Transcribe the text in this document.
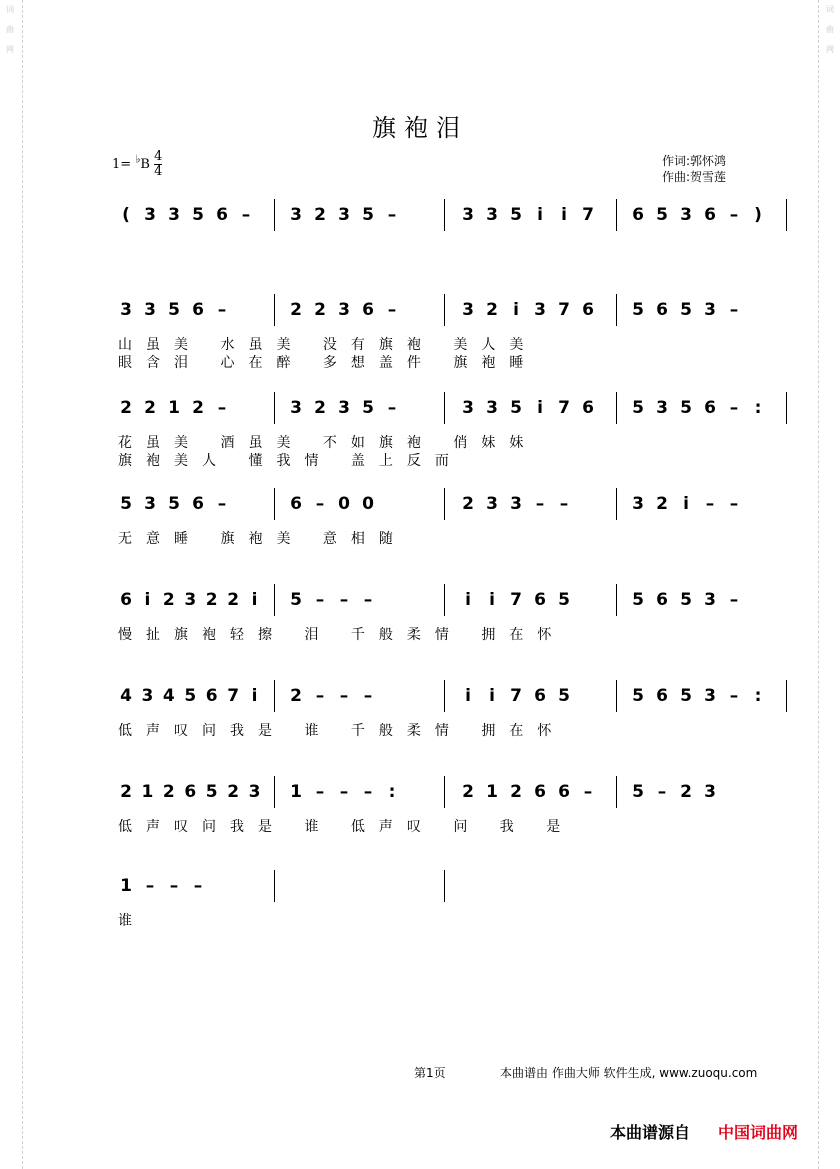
词
曲
网
词
曲
网
旗袍泪
$1= ^♭B \frac{4}{4}$	作词:郭怀鸿
作曲:贺雪莲
( 3 3 5 6 – 3 2 3 5 –	3 3 5 i i 7 6 5 3 6 – )
3 3 5 6 –	2 2 3 6 –	3 2 i 3 7 6 5 6 5 3 –
山虽美 水虽美 没有旗袍 美人美
眼含泪 心在醉 多想盖件 旗袍睡
2 2 1 2 –	3 2 3 5 –	3 3 5 i 7 6 5 3 5 6 – :
花虽美 酒虽美 不如旗袍 俏妹妹
旗袍美人 懂我情 盖上反而
5 3 5 6 –	6 – 0 0	2 3 3 – –	3 2 i – –
无意睡 旗袍美 意相随
6 i 2 3 2 2 i 5 – – –	i i 7 6 5	5 6 5 3 –
慢扯旗袍轻擦 泪 千般柔情 拥在怀
4 3 4 5 6 7 i 2 – – –	i i 7 6 5	5 6 5 3 – :
低声叹问我是 谁 千般柔情 拥在怀
2 1 2 6 5 2 3 1 – – – :	2 1 2 6 6 – 5 – 2 3
低声叹问我是 谁 低声叹 问 我 是
1 – – –
谁
第1页	本曲谱由 作曲大师 软件生成, www.zuoqu.com
本曲谱源自 中国词曲网
